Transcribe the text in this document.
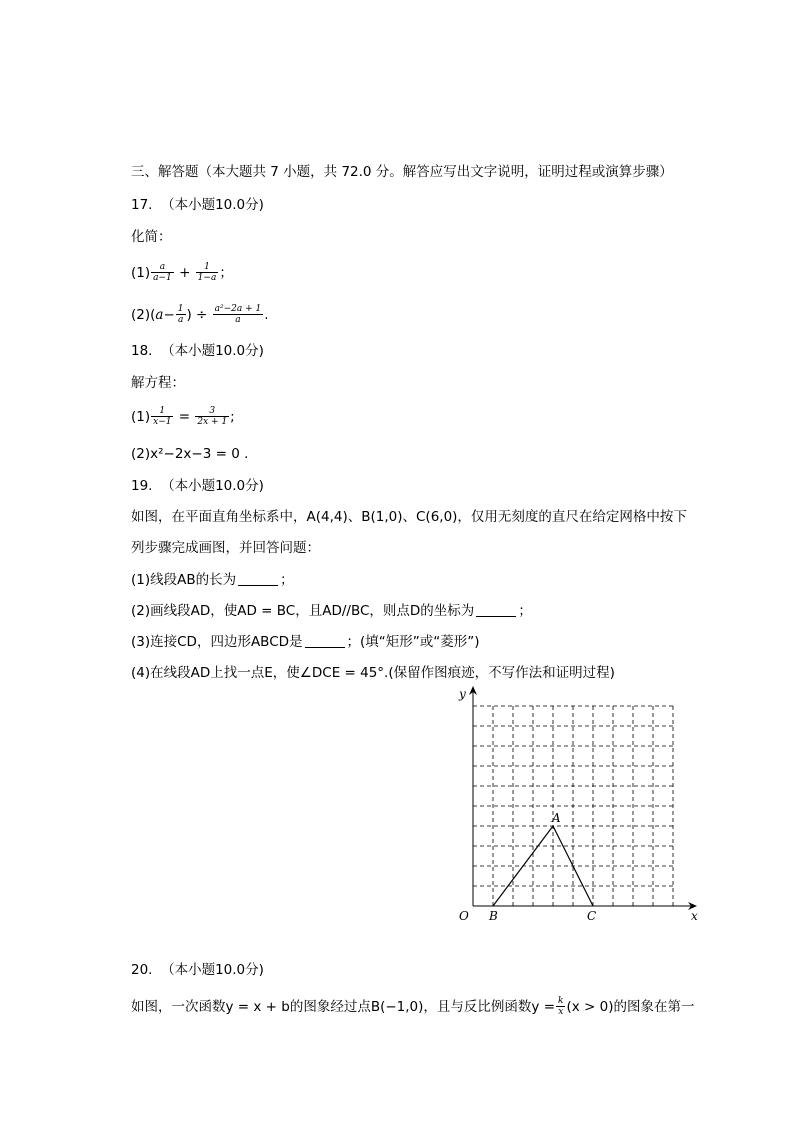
三、解答题（本大题共 7 小题，共 72.0 分。解答应写出文字说明，证明过程或演算步骤）
17. （本小题10.0分)
化简：
$(1) \frac{a}{a-1} + \frac{1}{1-a}$ ；
$(2)(a- \frac{1}{a}$ ) ÷ $\frac{\text{a²−2a + 1}}{a}$ .
18. （本小题10.0分)
解方程：
$(1) \frac{1}{x-1} = \frac{3}{2x + 1}$ ;
(2)x²−2x−3 = 0 .
19. （本小题10.0分)
如图，在平面直角坐标系中，A(4,4)、B(1,0)、C(6,0)，仅用无刻度的直尺在给定网格中按下
列步骤完成画图，并回答问题：
(1)线段AB的长为	；
(2)画线段AD，使AD = BC，且AD//BC，则点D的坐标为	；
(3)连接CD，四边形ABCD是	；(填“矩形”或“菱形”)
(4)在线段AD上找一点E，使∠DCE = 45°.(保留作图痕迹，不写作法和证明过程)
x
y
O
A
B	C
20. （本小题10.0分)
如图，一次函数y = x + b的图象经过点B(−1,0)，且与反比例函数$y = \frac{k}{x} (x > 0)$的图象在第一
